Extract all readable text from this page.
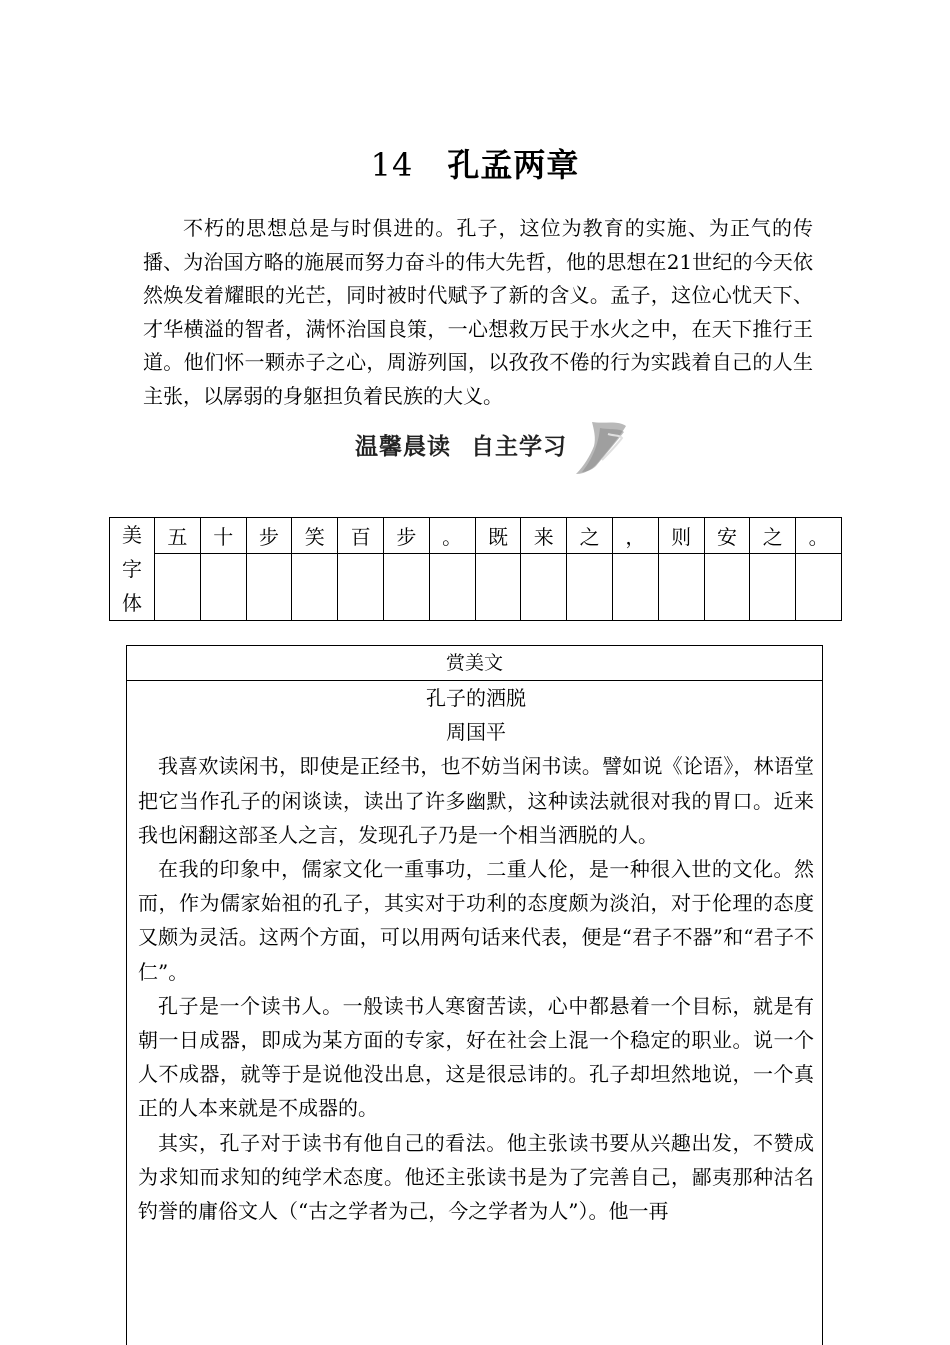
14 孔孟两章

不朽的思想总是与时俱进的。孔子，这位为教育的实施、为正气的传播、为治国方略的施展而努力奋斗的伟大先哲，他的思想在21世纪的今天依然焕发着耀眼的光芒，同时被时代赋予了新的含义。孟子，这位心忧天下、才华横溢的智者，满怀治国良策，一心想救万民于水火之中，在天下推行王道。他们怀一颗赤子之心，周游列国，以孜孜不倦的行为实践着自己的人生主张，以孱弱的身躯担负着民族的大义。

温馨晨读 自主学习
美字体	五	十	步	笑	百	步	。	既	来	之	，	则	安	之	。

赏美文
孔子的洒脱
周国平

我喜欢读闲书，即使是正经书，也不妨当闲书读。譬如说《论语》，林语堂把它当作孔子的闲谈读，读出了许多幽默，这种读法就很对我的胃口。近来我也闲翻这部圣人之言，发现孔子乃是一个相当洒脱的人。

在我的印象中，儒家文化一重事功，二重人伦，是一种很入世的文化。然而，作为儒家始祖的孔子，其实对于功利的态度颇为淡泊，对于伦理的态度又颇为灵活。这两个方面，可以用两句话来代表，便是“君子不器”和“君子不仁”。

孔子是一个读书人。一般读书人寒窗苦读，心中都悬着一个目标，就是有朝一日成器，即成为某方面的专家，好在社会上混一个稳定的职业。说一个人不成器，就等于是说他没出息，这是很忌讳的。孔子却坦然地说，一个真正的人本来就是不成器的。

其实，孔子对于读书有他自己的看法。他主张读书要从兴趣出发，不赞成为求知而求知的纯学术态度。他还主张读书是为了完善自己，鄙夷那种沽名钓誉的庸俗文人（“古之学者为己，今之学者为人”）。他一再
